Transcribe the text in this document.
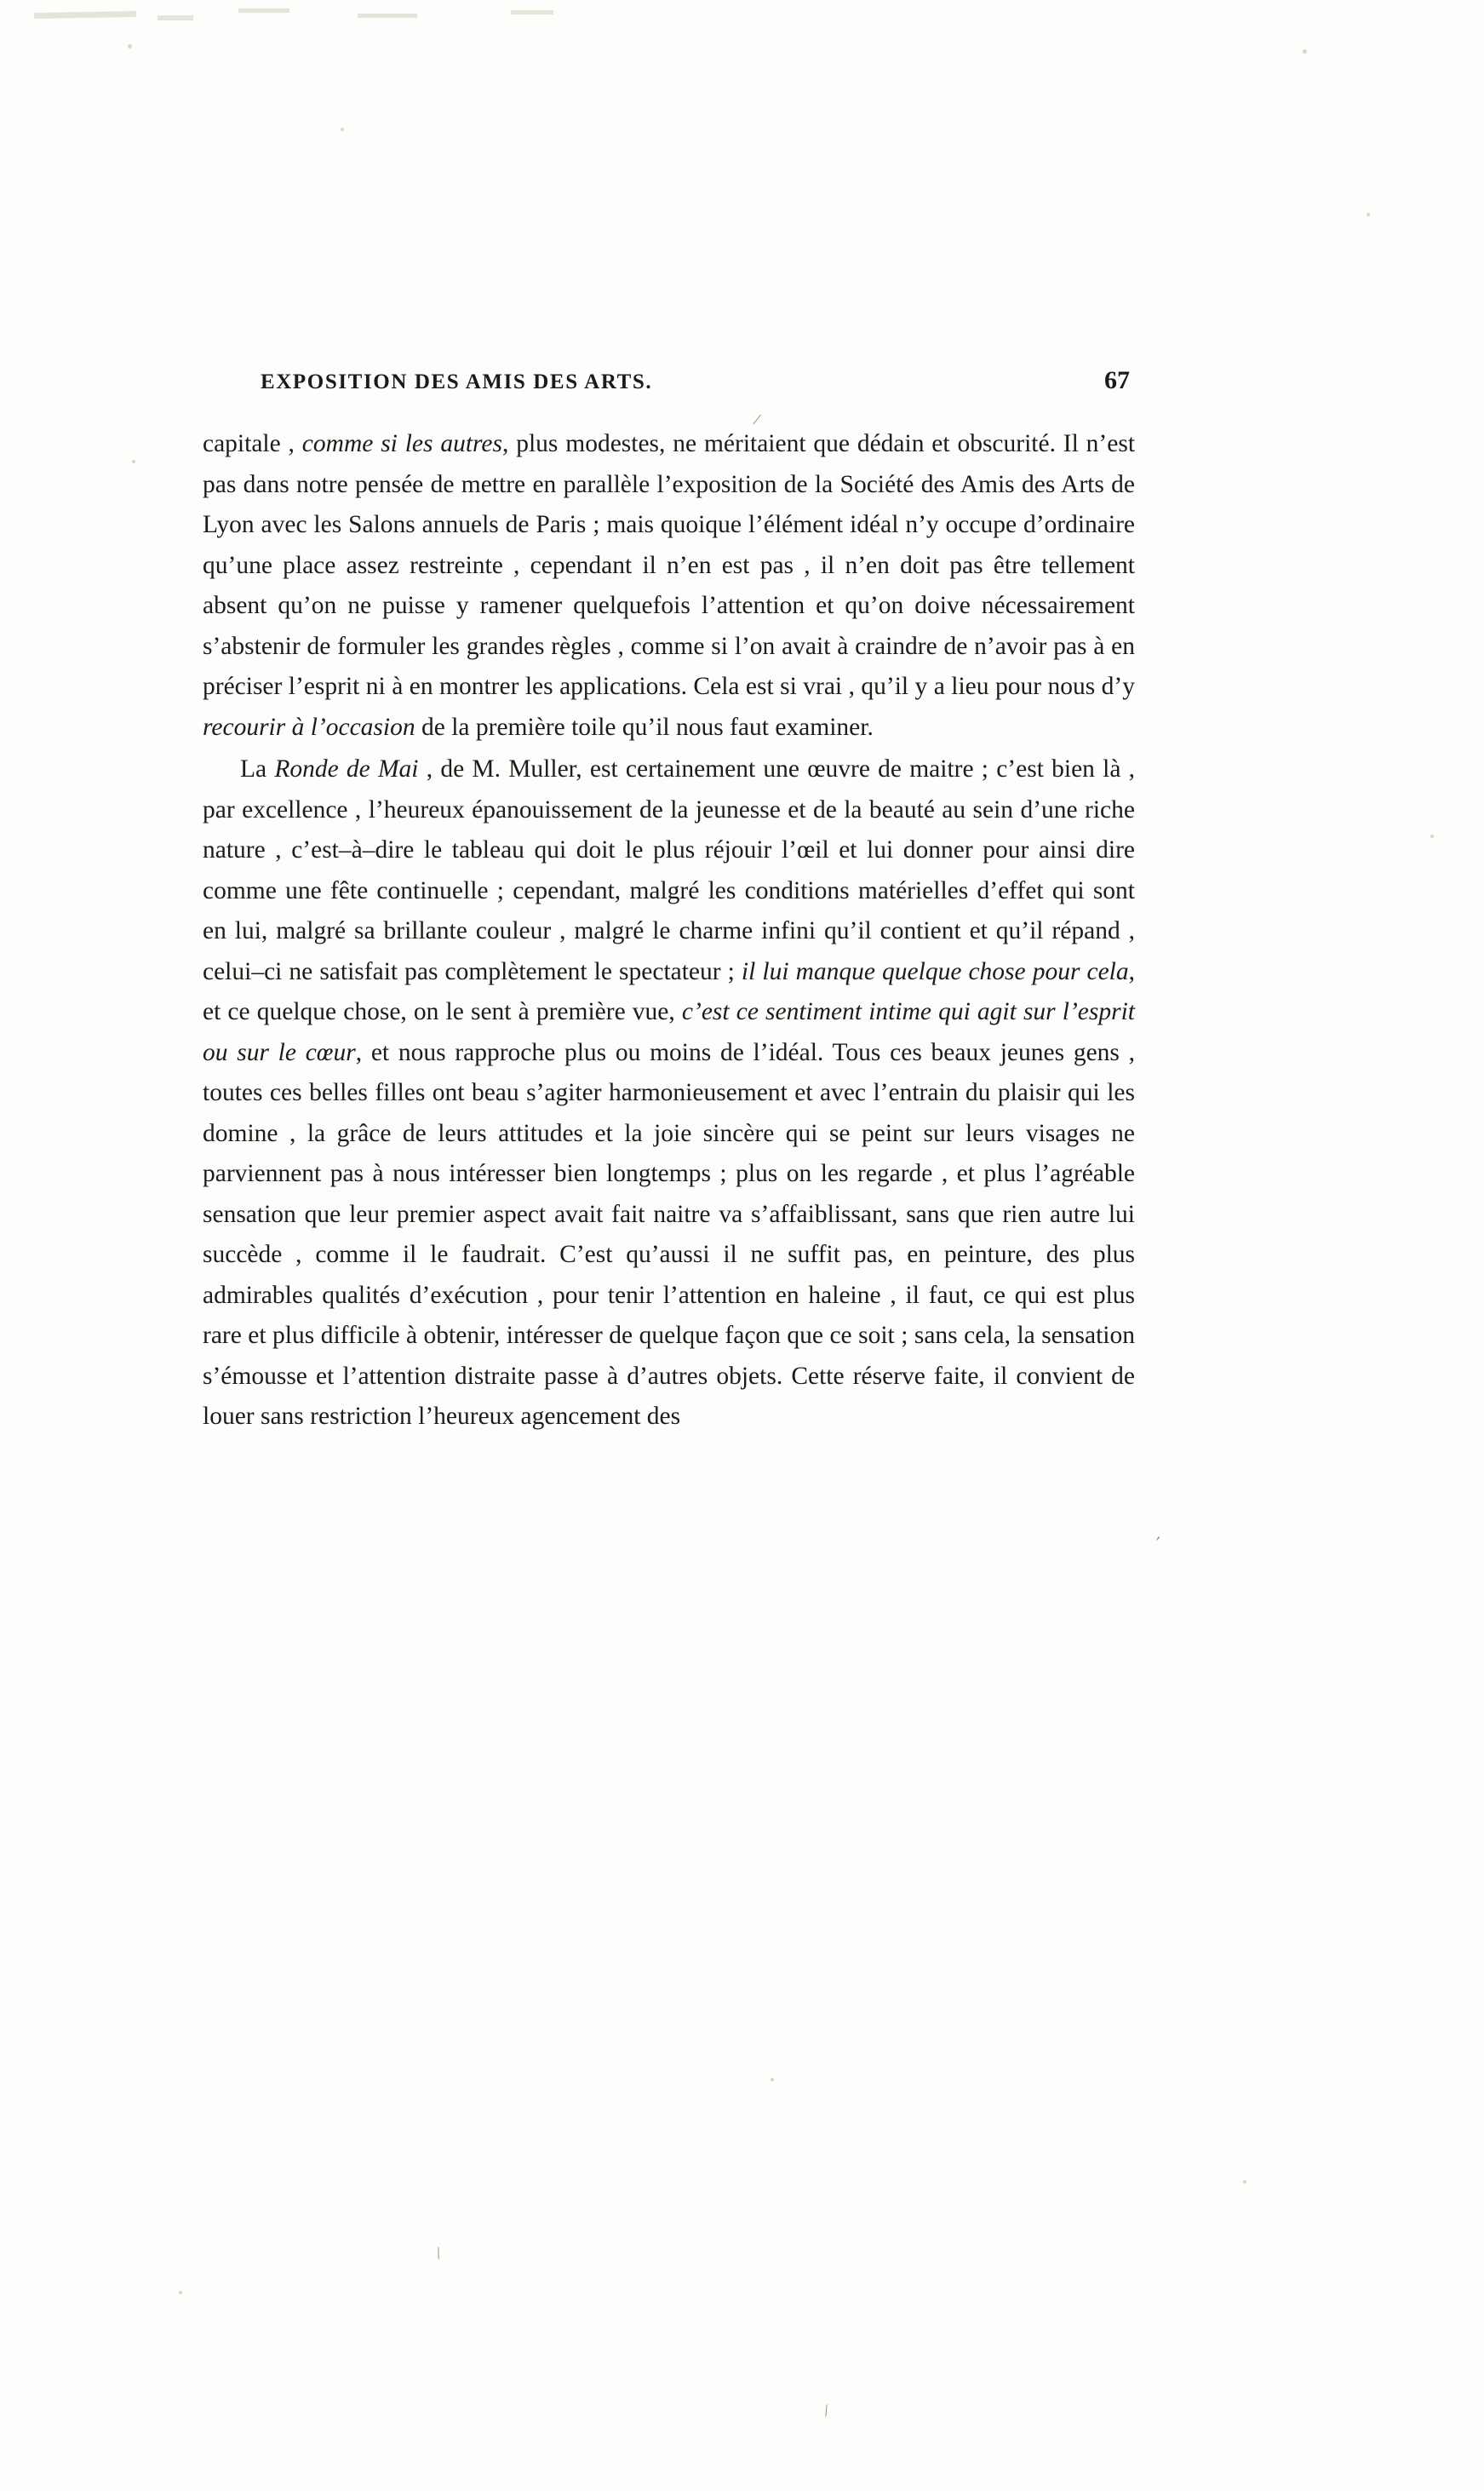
\
/
/
′
EXPOSITION DES AMIS DES ARTS.	67

capitale , comme si les autres, plus modestes, ne méritaient que dédain et obscurité. Il n’est pas dans notre pensée de mettre en parallèle l’exposition de la Société des Amis des Arts de Lyon avec les Salons annuels de Paris ; mais quoique l’élément idéal n’y occupe d’ordinaire qu’une place assez restreinte , cependant il n’en est pas , il n’en doit pas être tellement absent qu’on ne puisse y ramener quelquefois l’attention et qu’on doive nécessairement s’abstenir de formuler les grandes règles , comme si l’on avait à craindre de n’avoir pas à en préciser l’esprit ni à en montrer les applications. Cela est si vrai , qu’il y a lieu pour nous d’y recourir à l’occasion de la première toile qu’il nous faut examiner.

La Ronde de Mai , de M. Muller, est certainement une œuvre de maitre ; c’est bien là , par excellence , l’heureux épanouissement de la jeunesse et de la beauté au sein d’une riche nature , c’est–à–dire le tableau qui doit le plus réjouir l’œil et lui donner pour ainsi dire comme une fête continuelle ; cependant, malgré les conditions matérielles d’effet qui sont en lui, malgré sa brillante couleur , malgré le charme infini qu’il contient et qu’il répand , celui–ci ne satisfait pas complètement le spectateur ; il lui manque quelque chose pour cela, et ce quelque chose, on le sent à première vue, c’est ce sentiment intime qui agit sur l’esprit ou sur le cœur, et nous rapproche plus ou moins de l’idéal. Tous ces beaux jeunes gens , toutes ces belles filles ont beau s’agiter harmonieusement et avec l’entrain du plaisir qui les domine , la grâce de leurs attitudes et la joie sincère qui se peint sur leurs visages ne parviennent pas à nous intéresser bien longtemps ; plus on les regarde , et plus l’agréable sensation que leur premier aspect avait fait naitre va s’affaiblissant, sans que rien autre lui succède , comme il le faudrait. C’est qu’aussi il ne suffit pas, en peinture, des plus admirables qualités d’exécution , pour tenir l’attention en haleine , il faut, ce qui est plus rare et plus difficile à obtenir, intéresser de quelque façon que ce soit ; sans cela, la sensation s’émousse et l’attention distraite passe à d’autres objets. Cette réserve faite, il convient de louer sans restriction l’heureux agencement des
